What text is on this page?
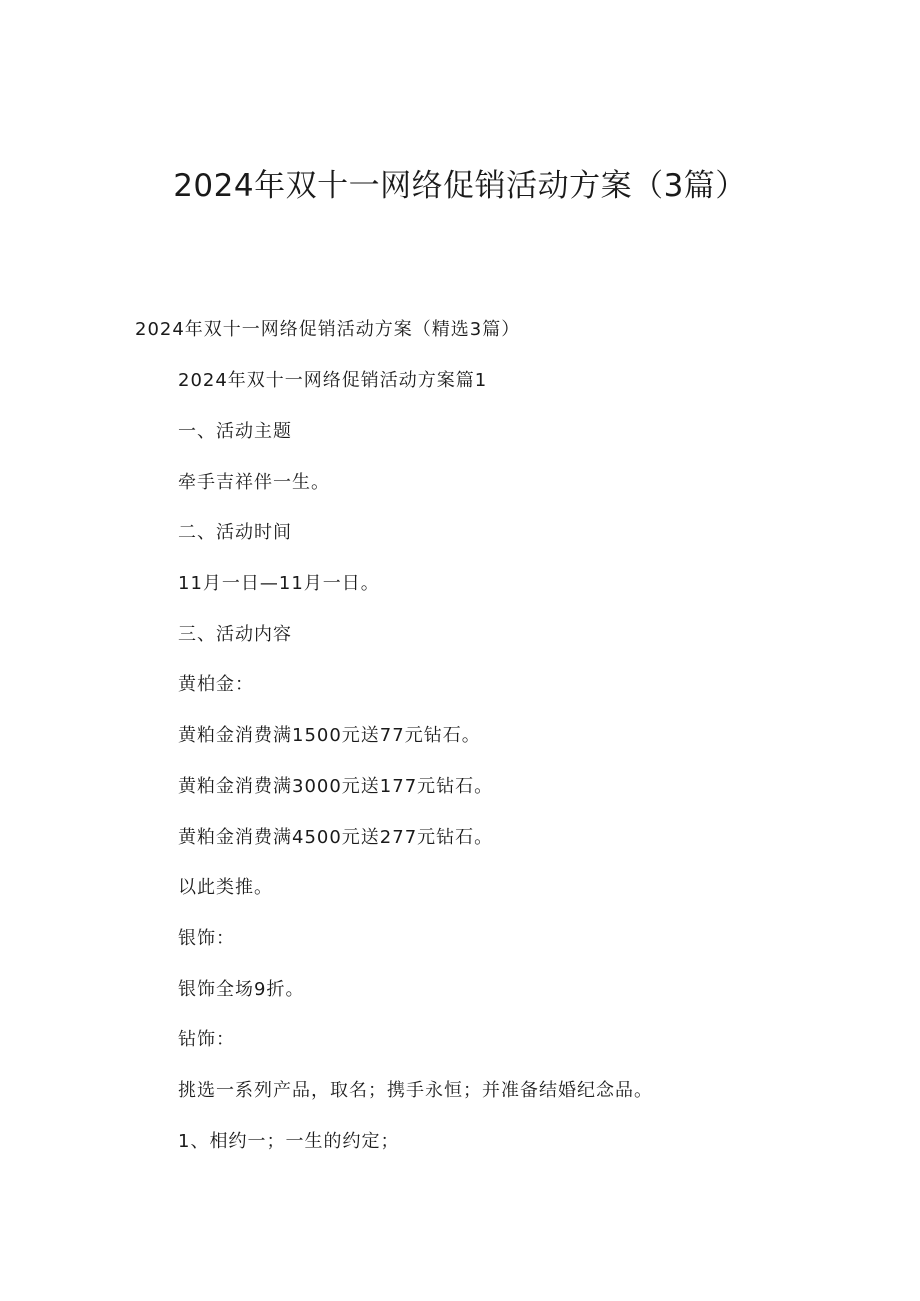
2024年双十一网络促销活动方案（3篇）
2024年双十一网络促销活动方案（精选3篇）
2024年双十一网络促销活动方案篇1
一、活动主题
牵手吉祥伴一生。
二、活动时间
11月一日—11月一日。
三、活动内容
黄柏金：
黄粕金消费满1500元送77元钻石。
黄粕金消费满3000元送177元钻石。
黄粕金消费满4500元送277元钻石。
以此类推。
银饰：
银饰全场9折。
钻饰：
挑选一系列产品，取名；携手永恒；并准备结婚纪念品。
1、相约一；一生的约定；
